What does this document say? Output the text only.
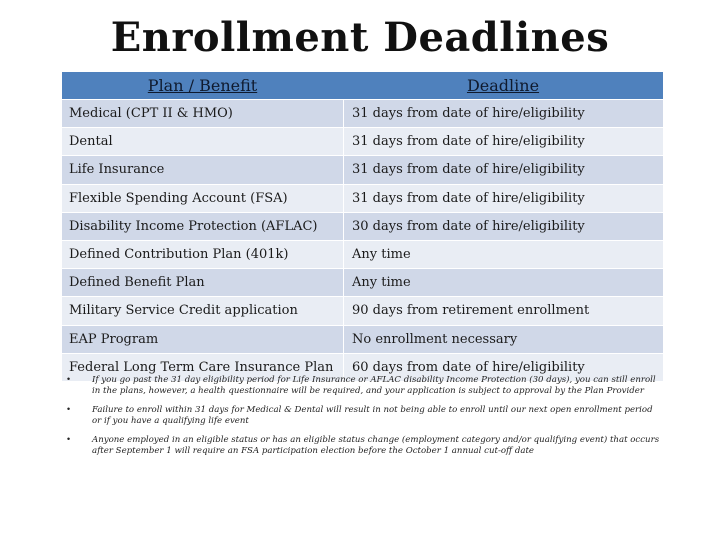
Enrollment Deadlines
Plan / Benefit	Deadline
Medical (CPT II & HMO)	31 days from date of hire/eligibility
Dental	31 days from date of hire/eligibility
Life Insurance	31 days from date of hire/eligibility
Flexible Spending Account (FSA)	31 days from date of hire/eligibility
Disability Income Protection (AFLAC)	30 days from date of hire/eligibility
Defined Contribution Plan (401k)	Any time
Defined Benefit Plan	Any time
Military Service Credit application	90 days from retirement enrollment
EAP Program	No enrollment necessary
Federal Long Term Care Insurance Plan	60 days from date of hire/eligibility
•	If you go past the 31 day eligibility period for Life Insurance or AFLAC disability Income Protection (30 days), you can still enroll in the plans, however, a health questionnaire will be required, and your application is subject to approval by the Plan Provider
•	Failure to enroll within 31 days for Medical & Dental will result in not being able to enroll until our next open enrollment period or if you have a qualifying life event
•	Anyone employed in an eligible status or has an eligible status change (employment category and/or qualifying event) that occurs after September 1 will require an FSA participation election before the October 1 annual cut-off date
